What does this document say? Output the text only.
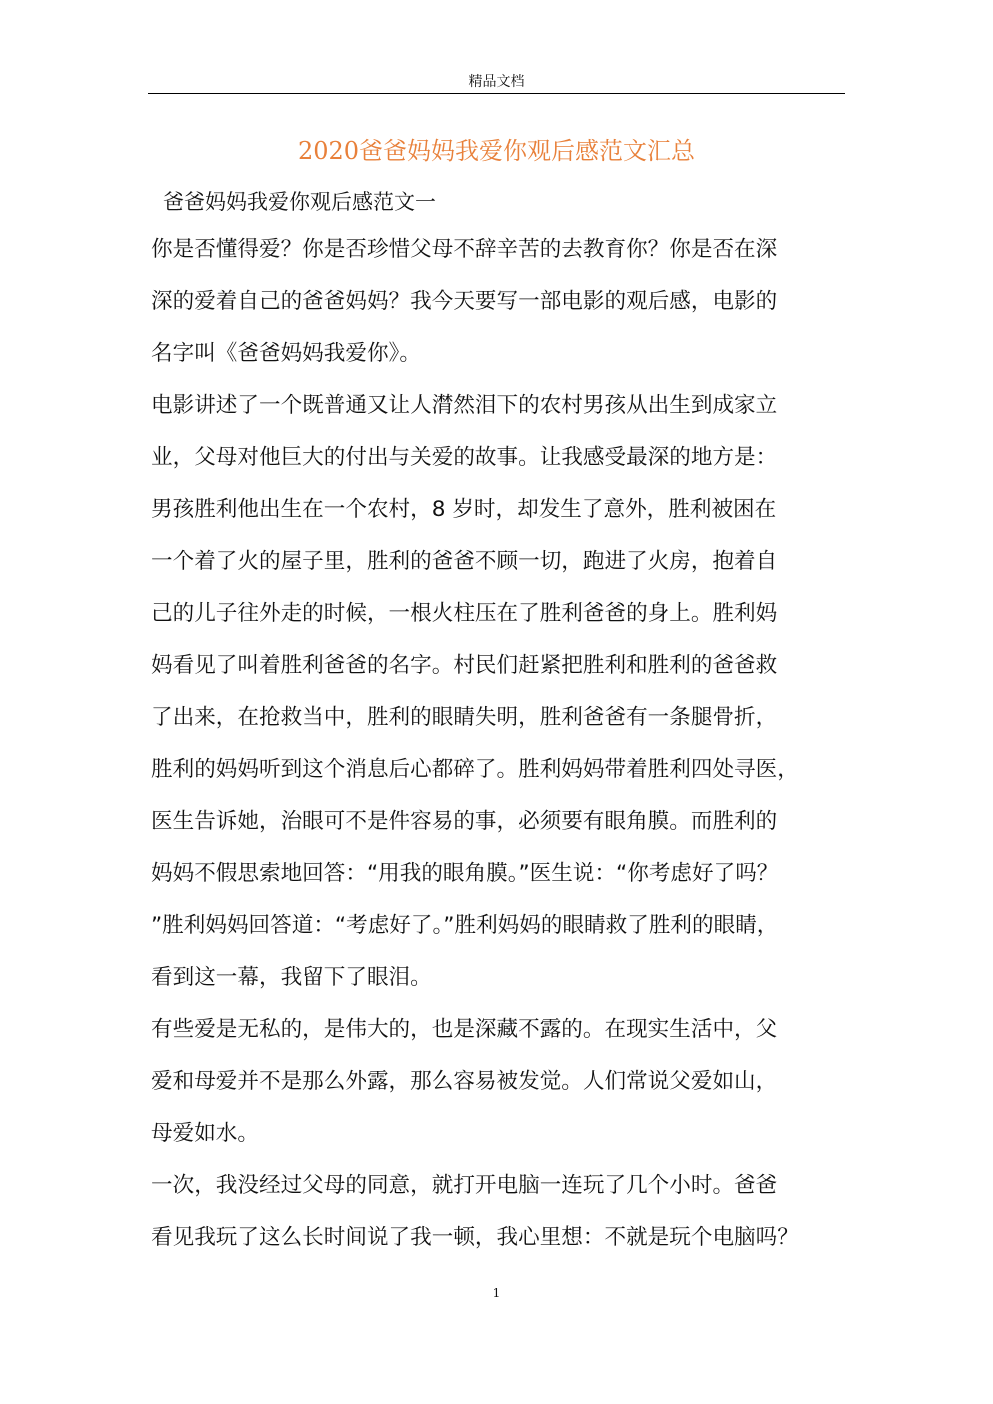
精品文档
2020爸爸妈妈我爱你观后感范文汇总
爸爸妈妈我爱你观后感范文一
你是否懂得爱？你是否珍惜父母不辞辛苦的去教育你？你是否在深
深的爱着自己的爸爸妈妈？我今天要写一部电影的观后感，电影的
名字叫《爸爸妈妈我爱你》。
电影讲述了一个既普通又让人潸然泪下的农村男孩从出生到成家立
业，父母对他巨大的付出与关爱的故事。让我感受最深的地方是：
男孩胜利他出生在一个农村，8 岁时，却发生了意外，胜利被困在
一个着了火的屋子里，胜利的爸爸不顾一切，跑进了火房，抱着自
己的儿子往外走的时候，一根火柱压在了胜利爸爸的身上。胜利妈
妈看见了叫着胜利爸爸的名字。村民们赶紧把胜利和胜利的爸爸救
了出来，在抢救当中，胜利的眼睛失明，胜利爸爸有一条腿骨折，
胜利的妈妈听到这个消息后心都碎了。胜利妈妈带着胜利四处寻医，
医生告诉她，治眼可不是件容易的事，必须要有眼角膜。而胜利的
妈妈不假思索地回答：“用我的眼角膜。”医生说：“你考虑好了吗？
”胜利妈妈回答道：“考虑好了。”胜利妈妈的眼睛救了胜利的眼睛，
看到这一幕，我留下了眼泪。
有些爱是无私的，是伟大的，也是深藏不露的。在现实生活中，父
爱和母爱并不是那么外露，那么容易被发觉。人们常说父爱如山，
母爱如水。
一次，我没经过父母的同意，就打开电脑一连玩了几个小时。爸爸
看见我玩了这么长时间说了我一顿，我心里想：不就是玩个电脑吗？
1
